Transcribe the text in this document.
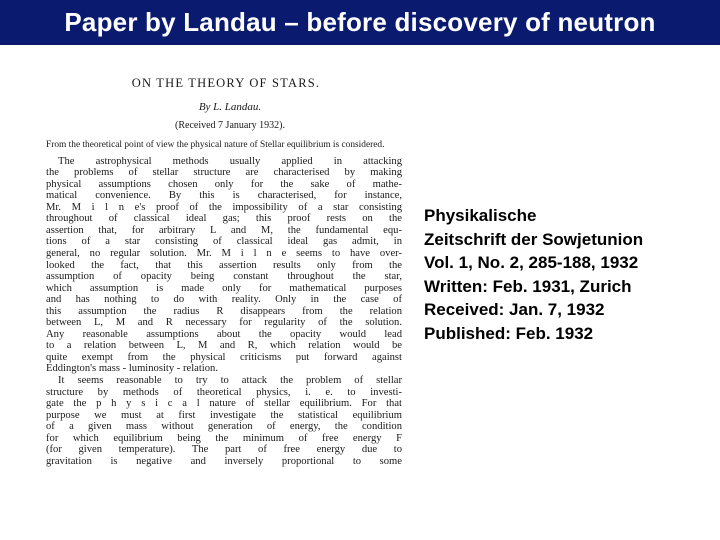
Paper by Landau – before discovery of neutron
ON THE THEORY OF STARS.
By L. Landau.
(Received 7 January 1932).
From the theoretical point of view the physical nature of Stellar equilibrium is considered.
The astrophysical methods usually applied in attacking
the problems of stellar structure are characterised by making
physical assumptions chosen only for the sake of mathe-
matical convenience. By this is characterised, for instance,
Mr. M i l n e's proof of the impossibility of a star consisting
throughout of classical ideal gas; this proof rests on the
assertion that, for arbitrary L and M, the fundamental equ-
tions of a star consisting of classical ideal gas admit, in
general, no regular solution. Mr. M i l n e seems to have over-
looked the fact, that this assertion results only from the
assumption of opacity being constant throughout the star,
which assumption is made only for mathematical purposes
and has nothing to do with reality. Only in the case of
this assumption the radius R disappears from the relation
between L, M and R necessary for regularity of the solution.
Any reasonable assumptions about the opacity would lead
to a relation between L, M and R, which relation would be
quite exempt from the physical criticisms put forward against
Eddington's mass - luminosity - relation.
It seems reasonable to try to attack the problem of stellar
structure by methods of theoretical physics, i. e. to investi-
gate the p h y s i c a l nature of stellar equilibrium. For that
purpose we must at first investigate the statistical equilibrium
of a given mass without generation of energy, the condition
for which equilibrium being the minimum of free energy F
(for given temperature). The part of free energy due to
gravitation is negative and inversely proportional to some
Physikalische
Zeitschrift der Sowjetunion
Vol. 1, No. 2, 285-188, 1932
Written: Feb. 1931, Zurich
Received: Jan. 7, 1932
Published: Feb. 1932
